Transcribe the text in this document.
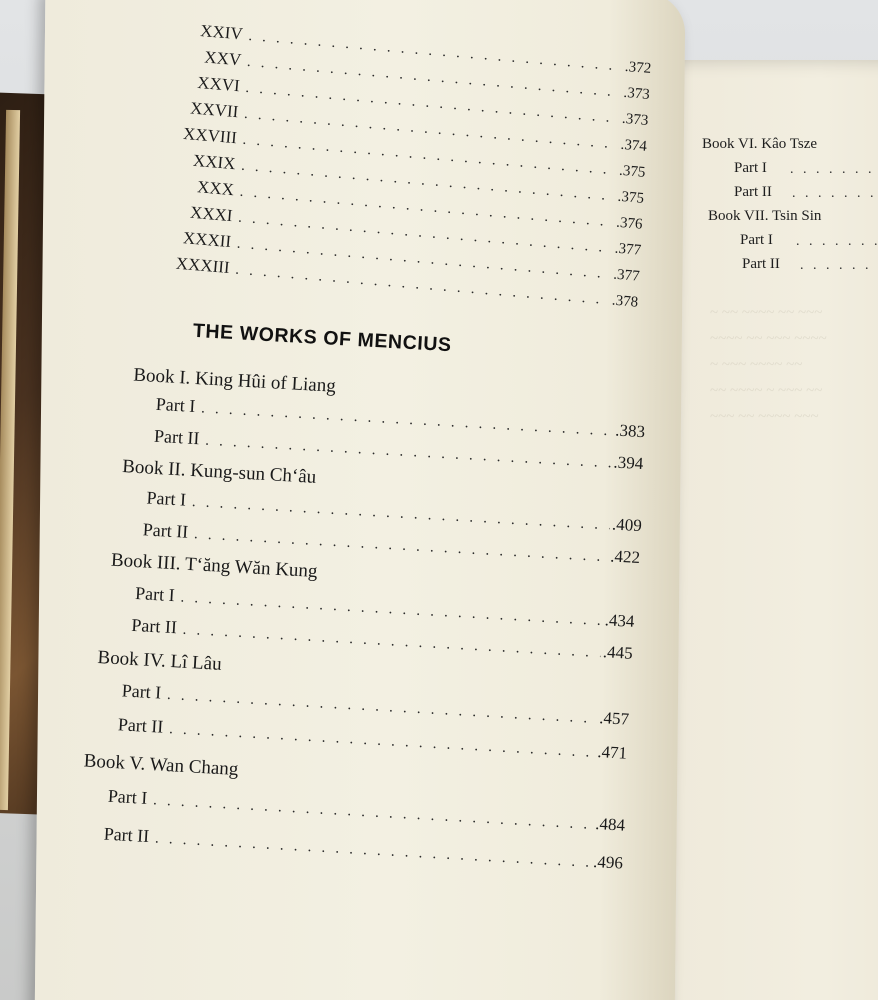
~ ~~ ~~~~ ~~ ~~~
~~~~ ~~ ~~~ ~~~~
~ ~~~ ~~~~ ~~
~~ ~~~~ ~ ~~~ ~~
~~~ ~~ ~~~~ ~~~
Book VI. Kâo Tsze
Part I
. . .
Part II
. . .
Book VII. Tsin Sin
Part I
. . .
Part II
. . .
XXIV
. . .
.372
XXV
. . .
.373
XXVI
. . .
.373
XXVII
. . .
.374
XXVIII
. . .
.375
XXIX
. . .
.375
XXX
. . .
.376
XXXI
. . .
.377
XXXII
. . .
.377
XXXIII
. . .
.378
THE WORKS OF MENCIUS
Book I. King Hûi of Liang
Part I
. . .
.383
Part II
. . .
.394
Book II. Kung-sun Ch‘âu
Part I
. . .
.409
Part II
. . .
.422
Book III. T‘ăng Wăn Kung
Part I
. . .
.434
Part II
. . .
.445
Book IV. Lî Lâu
Part I
. . .
.457
Part II
. . .
.471
Book V. Wan Chang
Part I
. . .
.484
Part II
. . .
.496
